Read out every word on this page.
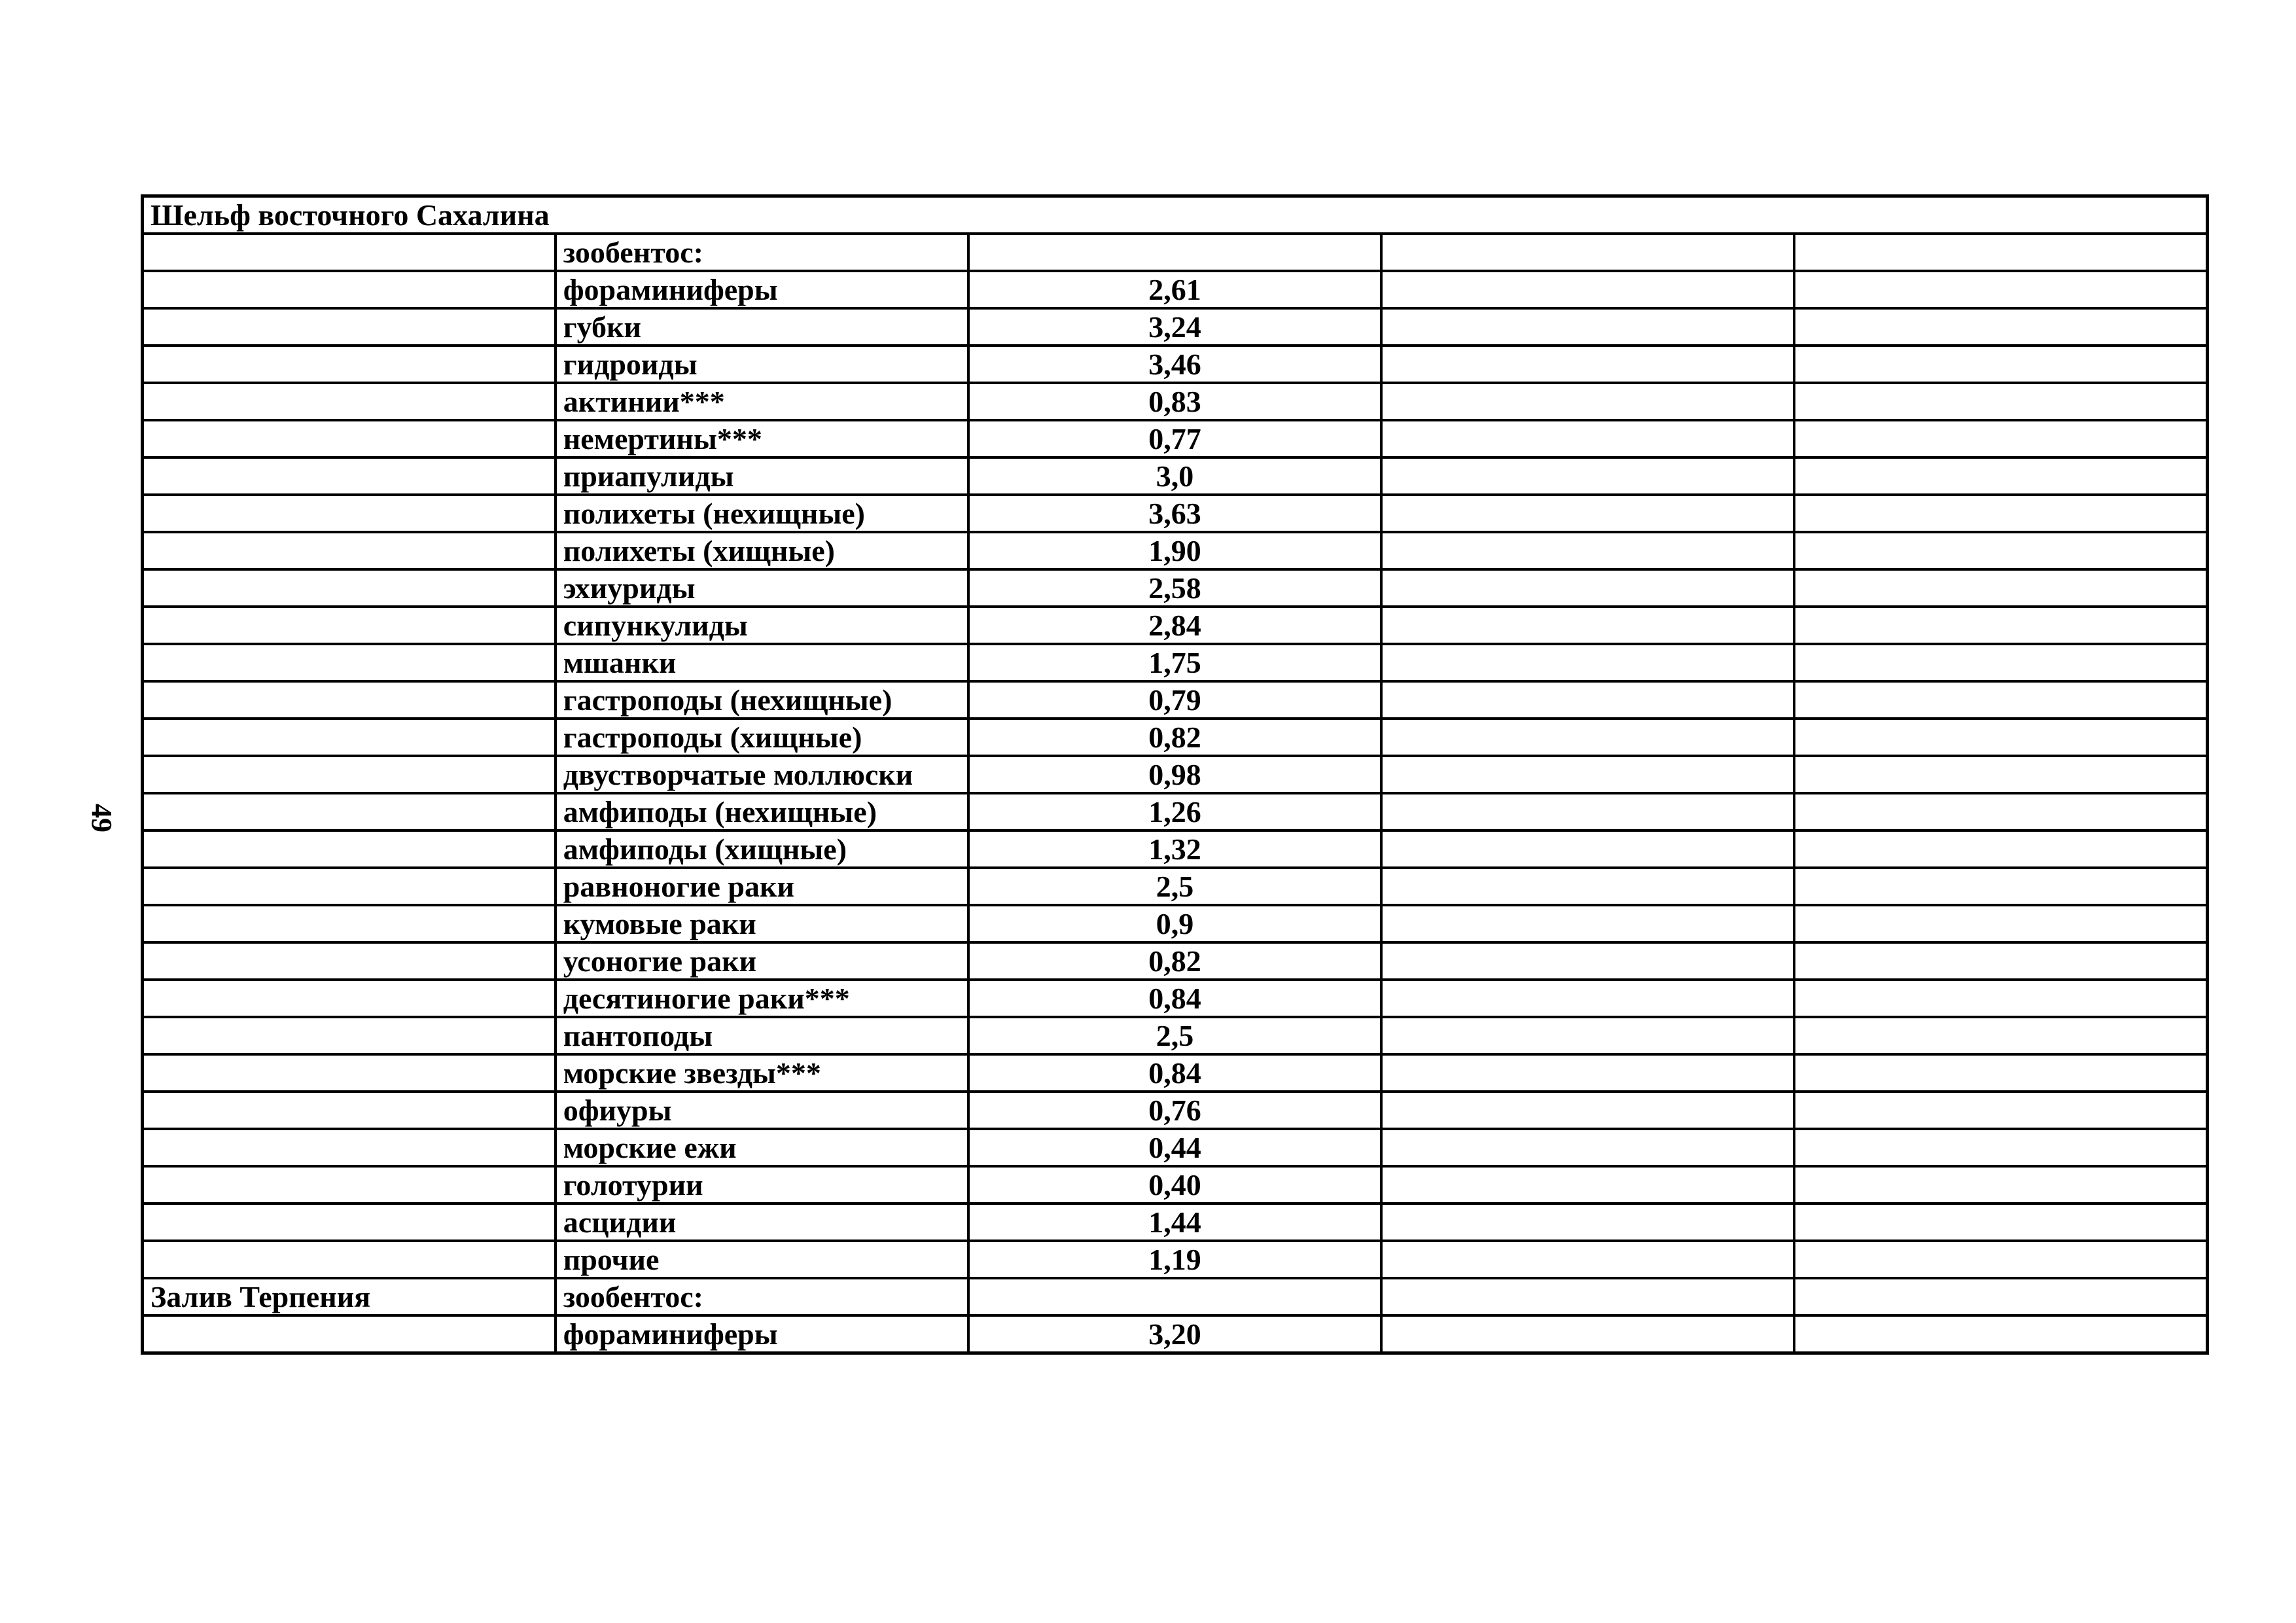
49
Шельф восточного Сахалина				
	зообентос:			
	фораминиферы	2,61		
	губки	3,24		
	гидроиды	3,46		
	актинии***	0,83		
	немертины***	0,77		
	приапулиды	3,0		
	полихеты (нехищные)	3,63		
	полихеты (хищные)	1,90		
	эхиуриды	2,58		
	сипункулиды	2,84		
	мшанки	1,75		
	гастроподы (нехищные)	0,79		
	гастроподы (хищные)	0,82		
	двустворчатые моллюски	0,98		
	амфиподы (нехищные)	1,26		
	амфиподы (хищные)	1,32		
	равноногие раки	2,5		
	кумовые раки	0,9		
	усоногие раки	0,82		
	десятиногие раки***	0,84		
	пантоподы	2,5		
	морские звезды***	0,84		
	офиуры	0,76		
	морские ежи	0,44		
	голотурии	0,40		
	асцидии	1,44		
	прочие	1,19		
Залив Терпения	зообентос:			
	фораминиферы	3,20		
